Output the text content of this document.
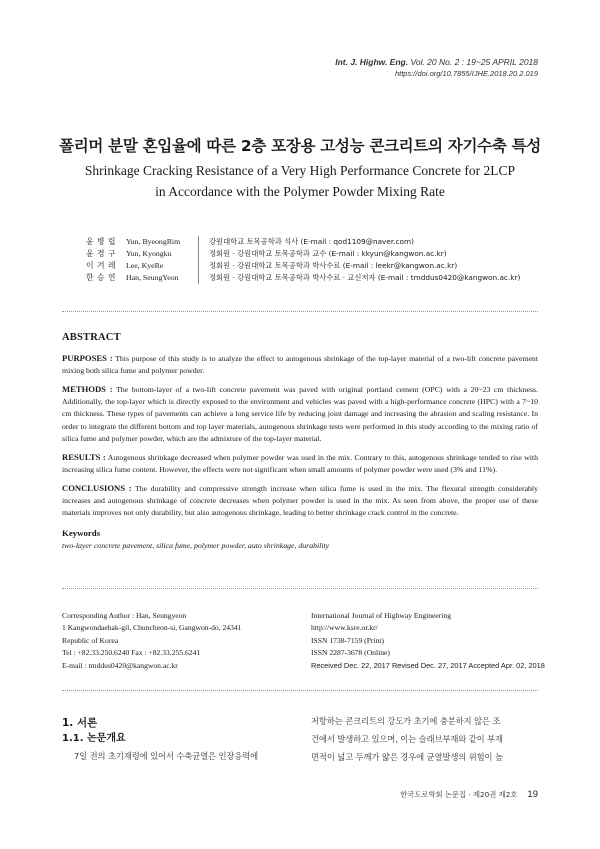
Int. J. Highw. Eng. Vol. 20 No. 2 : 19~25 APRIL 2018
https://doi.org/10.7855/IJHE.2018.20.2.019
폴리머 분말 혼입율에 따른 2층 포장용 고성능 콘크리트의 자기수축 특성
Shrinkage Cracking Resistance of a Very High Performance Concrete for 2LCP
in Accordance with the Polymer Powder Mixing Rate
윤 병 립	Yun, ByeongRim	강원대학교 토목공학과 석사 (E-mail : qod1109@naver.com)
윤 경 구	Yun, Kyongku	정회원 · 강원대학교 토목공학과 교수 (E-mail : kkyun@kangwon.ac.kr)
이 겨 레	Lee, KyeRe	정회원 · 강원대학교 토목공학과 박사수료 (E-mail : leekr@kangwon.ac.kr)
한 승 연	Han, SeungYeon	정회원 · 강원대학교 토목공학과 박사수료 · 교신저자 (E-mail : tmddus0420@kangwon.ac.kr)
ABSTRACT

PURPOSES : This purpose of this study is to analyze the effect to autogenous shrinkage of the top-layer material of a two-lift concrete pavement mixing both silica fume and polymer powder.

METHODS : The bottom-layer of a two-lift concrete pavement was paved with original portland cement (OPC) with a 20~23 cm thickness. Additionally, the top-layer which is directly exposed to the environment and vehicles was paved with a high-performance concrete (HPC) with a 7~10 cm thickness. These types of pavements can achieve a long service life by reducing joint damage and increasing the abrasion and scaling resistance. In order to integrate the different bottom and top layer materials, autogenous shrinkage tests were performed in this study according to the mixing ratio of silica fume and polymer powder, which are the admixture of the top-layer material.

RESULTS : Autogenous shrinkage decreased when polymer powder was used in the mix. Contrary to this, autogenous shrinkage tended to rise with increasing silica fume content. However, the effects were not significant when small amounts of polymer powder were used (3% and 11%).

CONCLUSIONS : The durability and compressive strength increase when silica fume is used in the mix. The flexural strength considerably increases and autogenous shrinkage of concrete decreases when polymer powder is used in the mix. As seen from above, the proper use of these materials improves not only durability, but also autogenous shrinkage, leading to better shrinkage crack control in the concrete.

Keywords
two-layer concrete pavement, silica fume, polymer powder, auto shrinkage, durability
Corresponding Author : Han, Seungyeon
1 Kangwondaehak-gil, Chuncheon-si, Gangwon-do, 24341
Republic of Korea
Tel : +82.33.250.6240 Fax : +82.33.255.6241
E-mail : tmddus0420@kangwon.ac.kr
International Journal of Highway Engineering
http://www.ksre.or.kr/
ISSN 1738-7159 (Print)
ISSN 2287-3678 (Online)
Received Dec. 22, 2017 Revised Dec. 27, 2017 Accepted Apr. 02, 2018
1. 서론
1.1. 논문개요
7일 전의 초기재령에 있어서 수축균열은 인장응력에
저항하는 콘크리트의 강도가 초기에 충분하지 않은 조
건에서 발생하고 있으며, 이는 슬래브부재와 같이 부재
면적이 넓고 두께가 얇은 경우에 균열발생의 위험이 높
한국도로학회 논문집 · 제20권 제2호 19
